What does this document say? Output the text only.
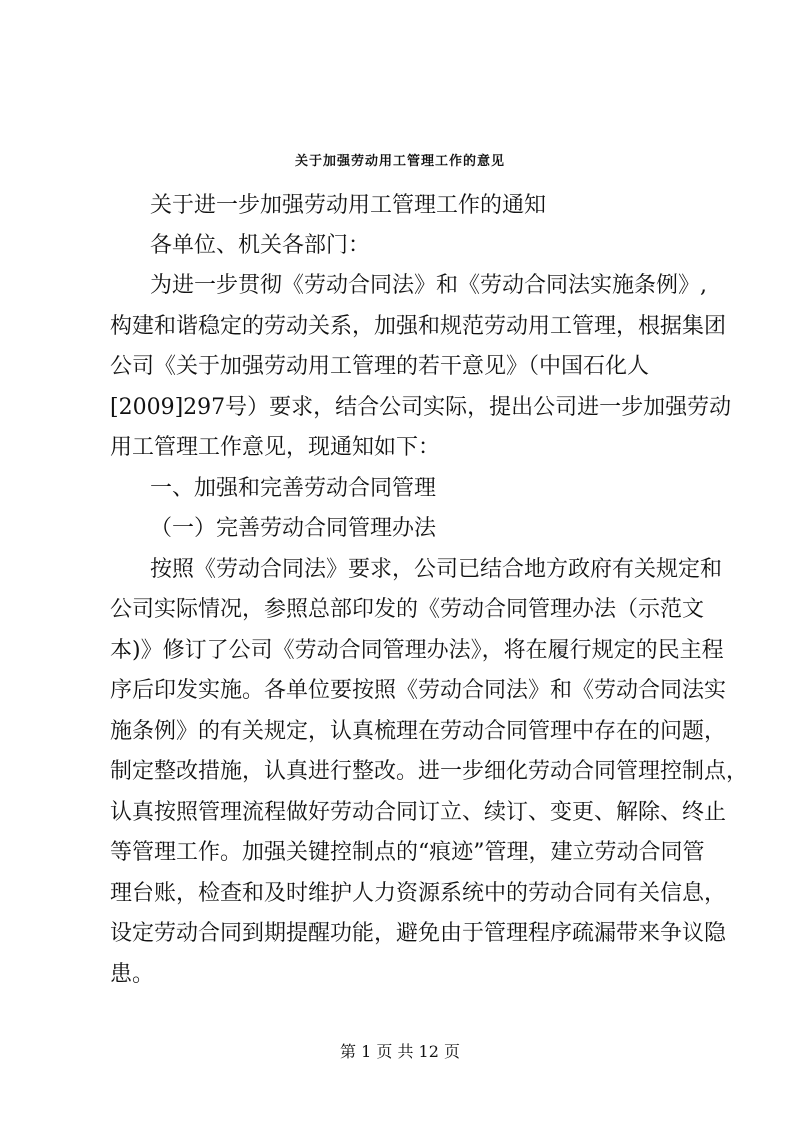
关于加强劳动用工管理工作的意见
关于进一步加强劳动用工管理工作的通知
各单位、机关各部门：
为进一步贯彻《劳动合同法》和《劳动合同法实施条例》,
构建和谐稳定的劳动关系，加强和规范劳动用工管理，根据集团
公司《关于加强劳动用工管理的若干意见》（中国石化人
[2009]297号）要求，结合公司实际，提出公司进一步加强劳动
用工管理工作意见，现通知如下：
一、加强和完善劳动合同管理
（一）完善劳动合同管理办法
按照《劳动合同法》要求，公司已结合地方政府有关规定和
公司实际情况，参照总部印发的《劳动合同管理办法（示范文
本)》修订了公司《劳动合同管理办法》，将在履行规定的民主程
序后印发实施。各单位要按照《劳动合同法》和《劳动合同法实
施条例》的有关规定，认真梳理在劳动合同管理中存在的问题，
制定整改措施，认真进行整改。进一步细化劳动合同管理控制点，
认真按照管理流程做好劳动合同订立、续订、变更、解除、终止
等管理工作。加强关键控制点的“痕迹”管理，建立劳动合同管
理台账，检查和及时维护人力资源系统中的劳动合同有关信息，
设定劳动合同到期提醒功能，避免由于管理程序疏漏带来争议隐
患。
第 1 页 共 12 页
